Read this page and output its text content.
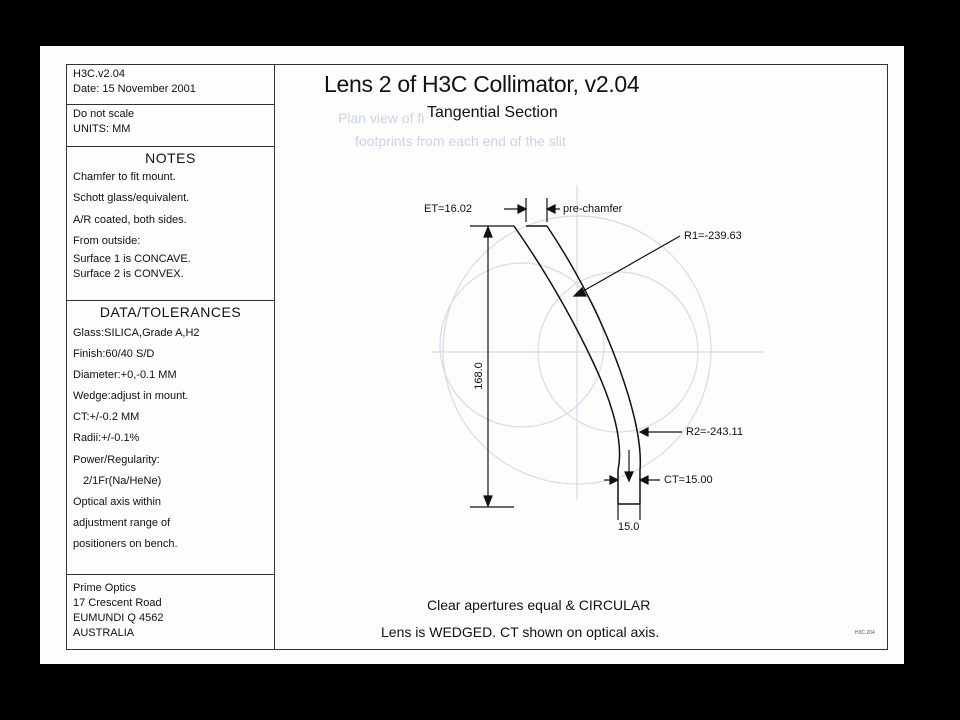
Plan view of fi
footprints from each end of the slit
H3C.v2.04
Date: 15 November 2001
Do not scale
UNITS: MM
NOTES
Chamfer to fit mount.
Schott glass/equivalent.
A/R coated, both sides.
From outside:
Surface 1 is CONCAVE.
Surface 2 is CONVEX.
DATA/TOLERANCES
Glass:SILICA,Grade A,H2
Finish:60/40 S/D
Diameter:+0,-0.1 MM
Wedge:adjust in mount.
CT:+/-0.2 MM
Radii:+/-0.1%
Power/Regularity:
2/1Fr(Na/HeNe)
Optical axis within
adjustment range of
positioners on bench.
Prime Optics
17 Crescent Road
EUMUNDI Q 4562
AUSTRALIA
Lens 2 of H3C Collimator, v2.04
Tangential Section
ET=16.02	pre-chamfer
R1=-239.63
R2=-243.11
168.0
CT=15.00
15.0
Clear apertures equal & CIRCULAR
Lens is WEDGED. CT shown on optical axis.	H3C.204
